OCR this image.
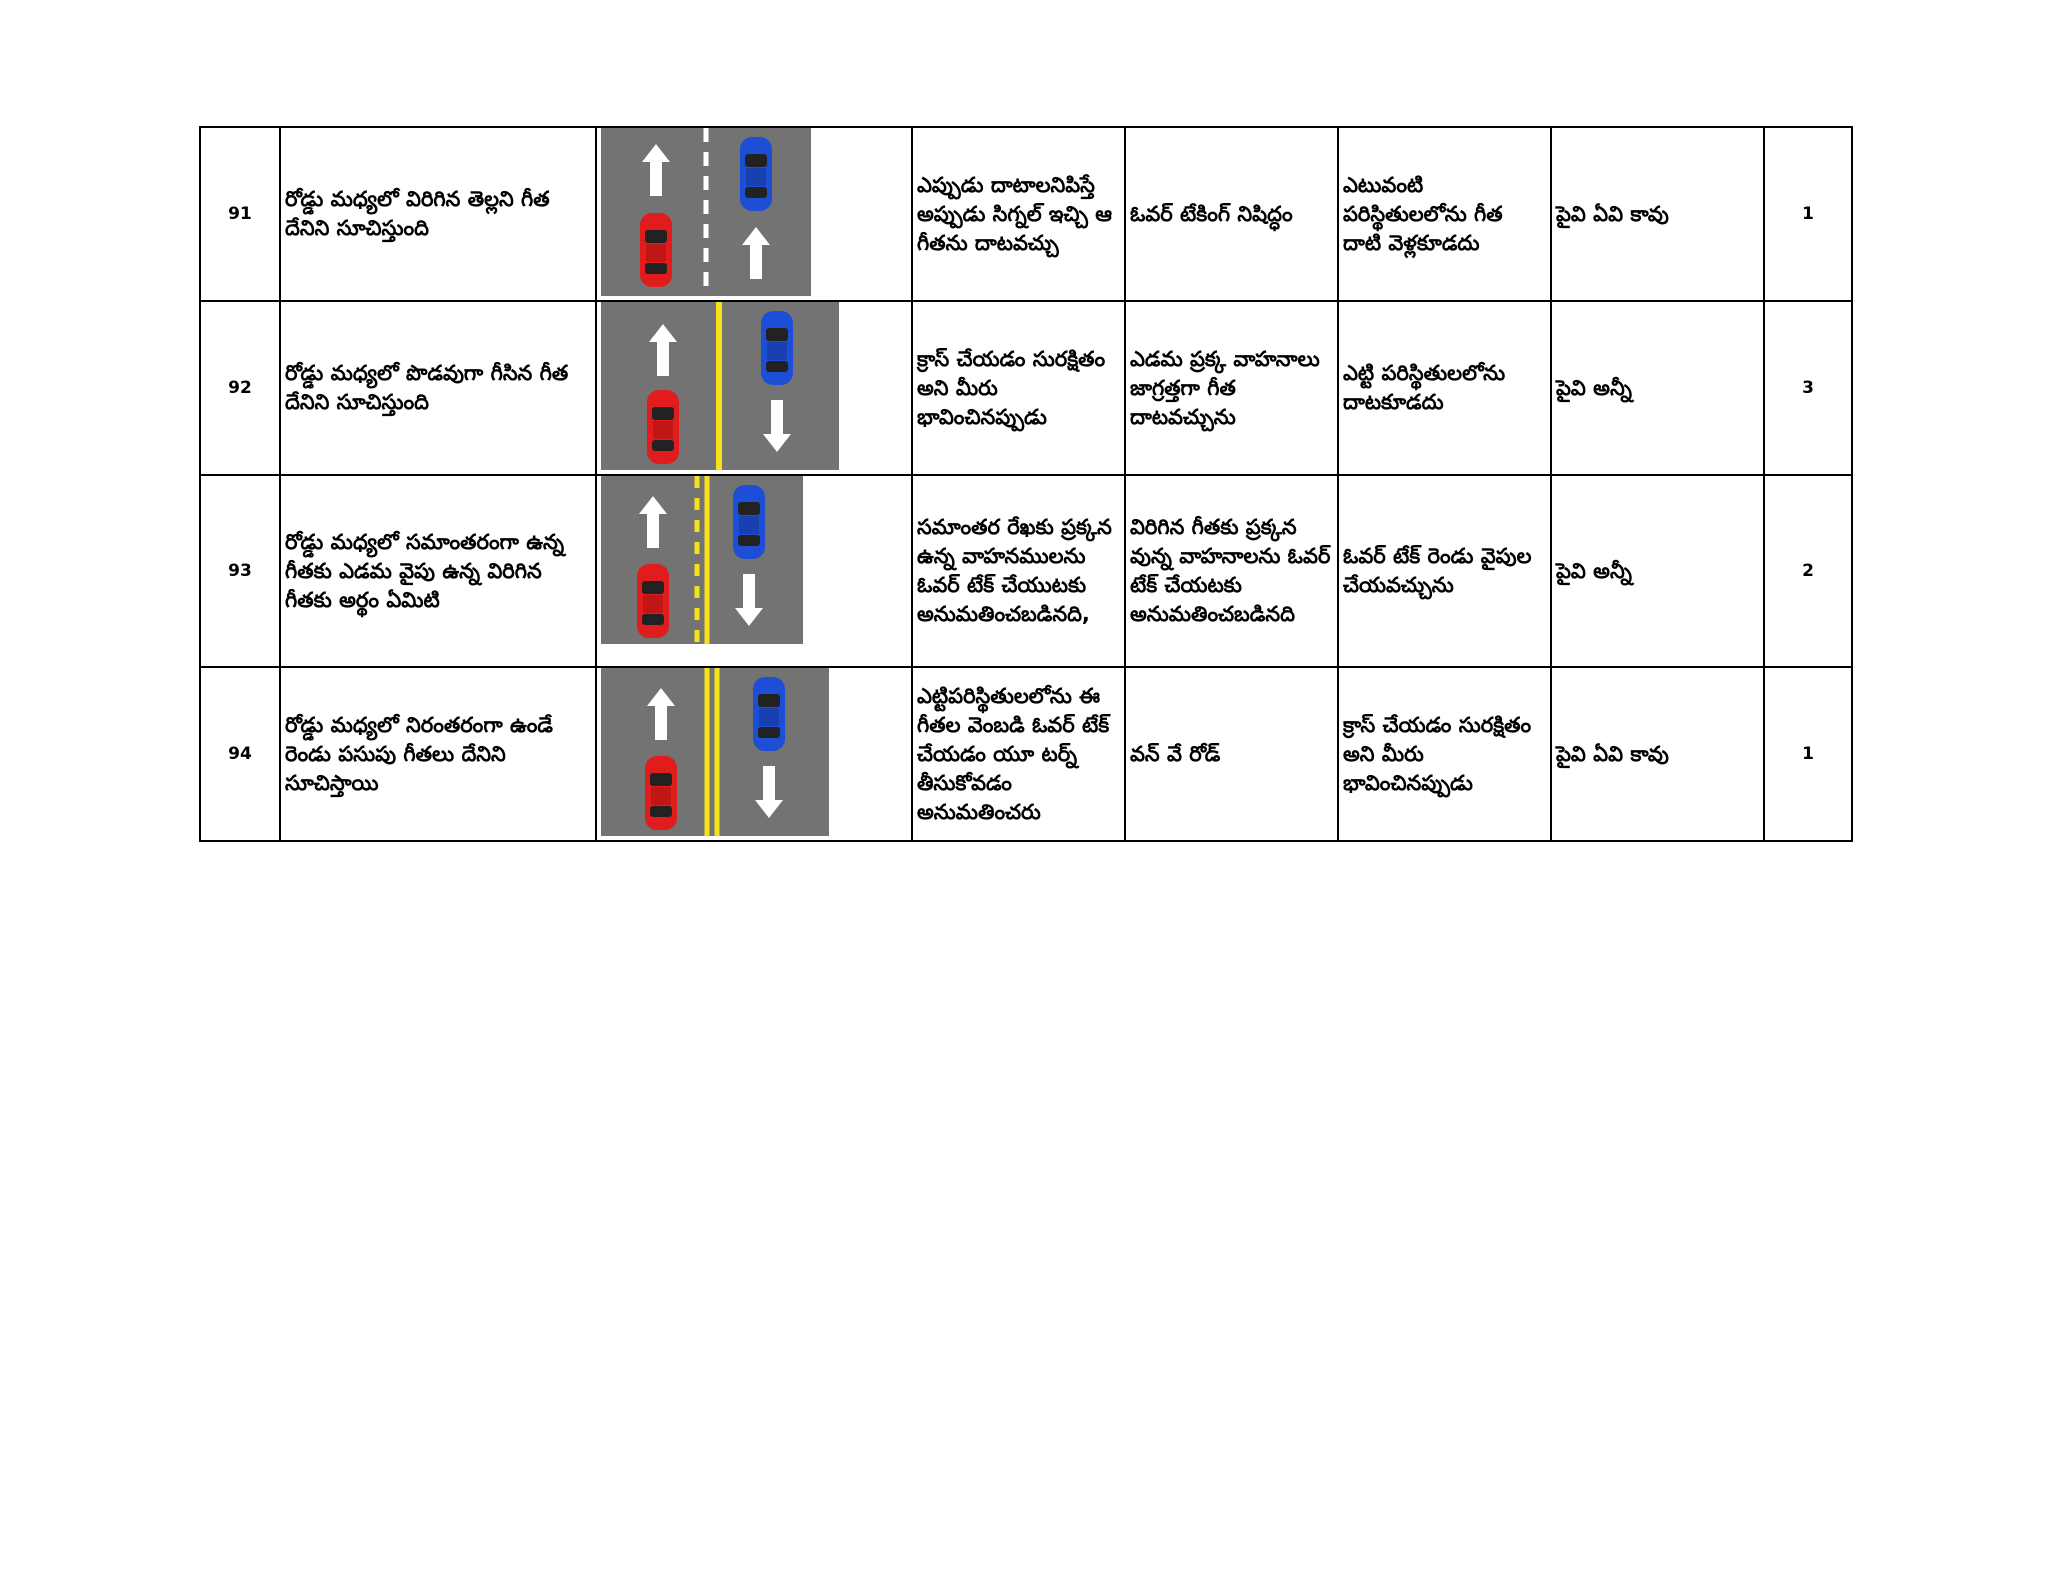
91	రోడ్డు మధ్యలో విరిగిన తెల్లని గీత దేనిని సూచిస్తుంది		ఎప్పుడు దాటాలనిపిస్తే అప్పుడు సిగ్నల్ ఇచ్చి ఆ గీతను దాటవచ్చు	ఓవర్ టేకింగ్ నిషిద్ధం	ఎటువంటి పరిస్థితులలోను గీత దాటి వెళ్లకూడదు	పైవి ఏవి కావు	1
92	రోడ్డు మధ్యలో పొడవుగా గీసిన గీత దేనిని సూచిస్తుంది		క్రాస్ చేయడం సురక్షితం అని మీరు భావించినప్పుడు	ఎడమ ప్రక్క వాహనాలు జాగ్రత్తగా గీత దాటవచ్చును	ఎట్టి పరిస్థితులలోను దాటకూడదు	పైవి అన్నీ	3
93	రోడ్డు మధ్యలో సమాంతరంగా ఉన్న గీతకు ఎడమ వైపు ఉన్న విరిగిన గీతకు అర్థం ఏమిటి		సమాంతర రేఖకు ప్రక్కన ఉన్న వాహనములను ఓవర్ టేక్ చేయుటకు అనుమతించబడినది,	విరిగిన గీతకు ప్రక్కన వున్న వాహనాలను ఓవర్ టేక్ చేయటకు అనుమతించబడినది	ఓవర్ టేక్ రెండు వైపుల చేయవచ్చును	పైవి అన్నీ	2
94	రోడ్డు మధ్యలో నిరంతరంగా ఉండే రెండు పసుపు గీతలు దేనిని సూచిస్తాయి		ఎట్టిపరిస్థితులలోను ఈ గీతల వెంబడి ఓవర్ టేక్ చేయడం యూ టర్న్ తీసుకోవడం అనుమతించరు	వన్ వే రోడ్	క్రాస్ చేయడం సురక్షితం అని మీరు భావించినప్పుడు	పైవి ఏవి కావు	1
